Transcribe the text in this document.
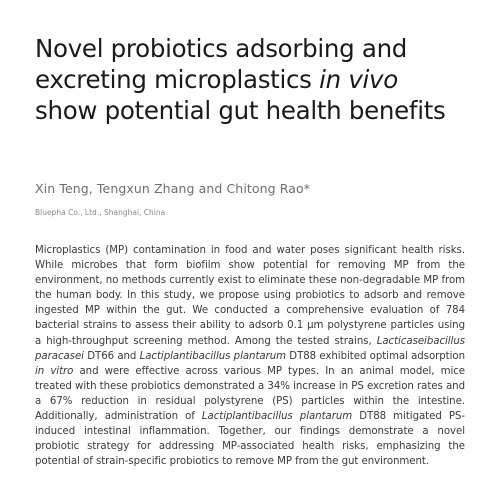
Novel probiotics adsorbing and excreting microplastics in vivo show potential gut health benefits

Xin Teng, Tengxun Zhang and Chitong Rao*

Bluepha Co., Ltd., Shanghai, China

Microplastics (MP) contamination in food and water poses significant health risks. While microbes that form biofilm show potential for removing MP from the environment, no methods currently exist to eliminate these non-degradable MP from the human body. In this study, we propose using probiotics to adsorb and remove ingested MP within the gut. We conducted a comprehensive evaluation of 784 bacterial strains to assess their ability to adsorb 0.1 μm polystyrene particles using a high-throughput screening method. Among the tested strains, Lacticaseibacillus paracasei DT66 and Lactiplantibacillus plantarum DT88 exhibited optimal adsorption in vitro and were effective across various MP types. In an animal model, mice treated with these probiotics demonstrated a 34% increase in PS excretion rates and a 67% reduction in residual polystyrene (PS) particles within the intestine. Additionally, administration of Lactiplantibacillus plantarum DT88 mitigated PS-induced intestinal inflammation. Together, our findings demonstrate a novel probiotic strategy for addressing MP-associated health risks, emphasizing the potential of strain-specific probiotics to remove MP from the gut environment.
